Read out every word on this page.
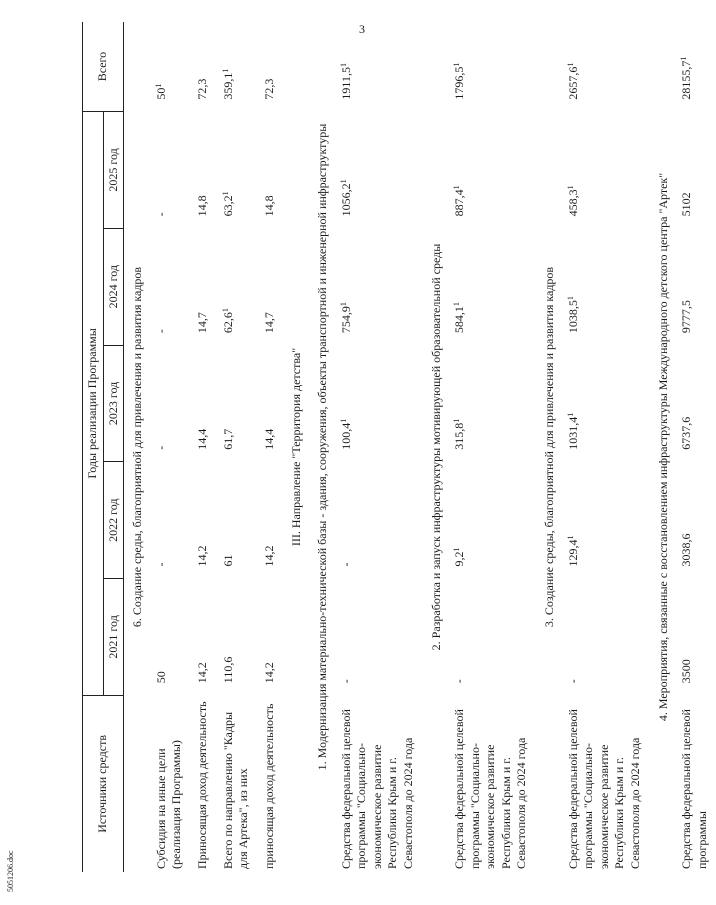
3
Источники средств	Годы реализации Программы					Всего
	2021 год	2022 год	2023 год	2024 год	2025 год	
6. Создание среды, благоприятной для привлечения и развития кадров						
Субсидия на иные цели (реализация Программы)	50	-	-	-	-	$50^1$
Приносящая доход деятельность	14,2	14,2	14,4	14,7	14,8	72,3
Всего по направлению "Кадры для Артека", из них	110,6	61	61,7	62,6$^1$	63,2$^1$	359,1$^1$
приносящая доход деятельность	14,2	14,2	14,4	14,7	14,8	72,3
III. Направление "Территория детства"						
1. Модернизация материально-технической базы - здания, сооружения, объекты транспортной и инженерной инфраструктуры						
Средства федеральной целевой программы "Социально-экономическое развитие Республики Крым и г. Севастополя до 2024 года	-	-	100,4$^1$	754,9$^1$	1056,2$^1$	1911,5$^1$
2. Разработка и запуск инфраструктуры мотивирующей образовательной среды						
Средства федеральной целевой программы "Социально-экономическое развитие Республики Крым и г. Севастополя до 2024 года	-	$9,2^1$	315,8$^1$	584,1$^1$	887,4$^1$	1796,5$^1$
3. Создание среды, благоприятной для привлечения и развития кадров						
Средства федеральной целевой программы "Социально-экономическое развитие Республики Крым и г. Севастополя до 2024 года	-	129,4$^1$	1031,4$^1$	1038,5$^1$	458,3$^1$	2657,6$^1$
4. Мероприятия, связанные с восстановлением инфраструктуры Международного детского центра "Артек"						
Средства федеральной целевой программы	3500	3038,6	6737,6	9777,5	5102	28155,7$^1$
5051206.doc
